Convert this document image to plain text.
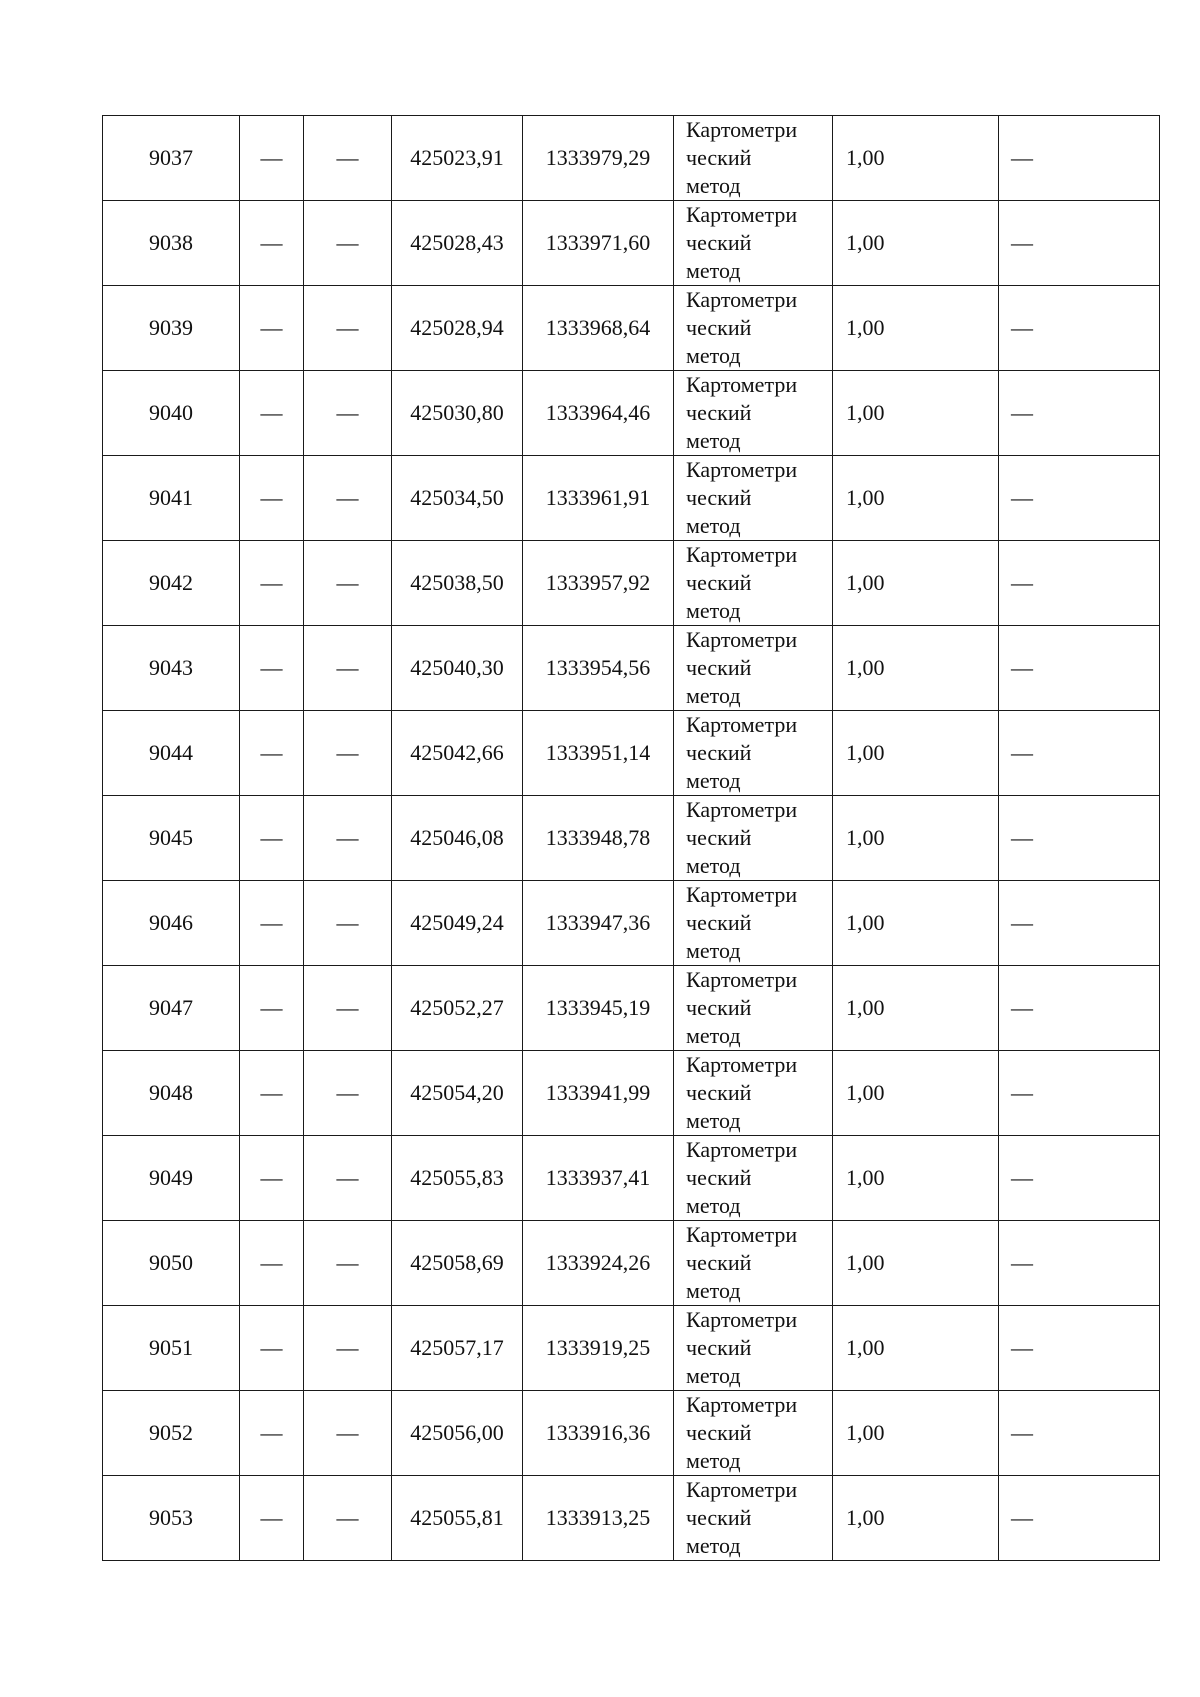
9037	—	—	425023,91	1333979,29	Картометри
ческий
метод	1,00	—
9038	—	—	425028,43	1333971,60	Картометри
ческий
метод	1,00	—
9039	—	—	425028,94	1333968,64	Картометри
ческий
метод	1,00	—
9040	—	—	425030,80	1333964,46	Картометри
ческий
метод	1,00	—
9041	—	—	425034,50	1333961,91	Картометри
ческий
метод	1,00	—
9042	—	—	425038,50	1333957,92	Картометри
ческий
метод	1,00	—
9043	—	—	425040,30	1333954,56	Картометри
ческий
метод	1,00	—
9044	—	—	425042,66	1333951,14	Картометри
ческий
метод	1,00	—
9045	—	—	425046,08	1333948,78	Картометри
ческий
метод	1,00	—
9046	—	—	425049,24	1333947,36	Картометри
ческий
метод	1,00	—
9047	—	—	425052,27	1333945,19	Картометри
ческий
метод	1,00	—
9048	—	—	425054,20	1333941,99	Картометри
ческий
метод	1,00	—
9049	—	—	425055,83	1333937,41	Картометри
ческий
метод	1,00	—
9050	—	—	425058,69	1333924,26	Картометри
ческий
метод	1,00	—
9051	—	—	425057,17	1333919,25	Картометри
ческий
метод	1,00	—
9052	—	—	425056,00	1333916,36	Картометри
ческий
метод	1,00	—
9053	—	—	425055,81	1333913,25	Картометри
ческий
метод	1,00	—
